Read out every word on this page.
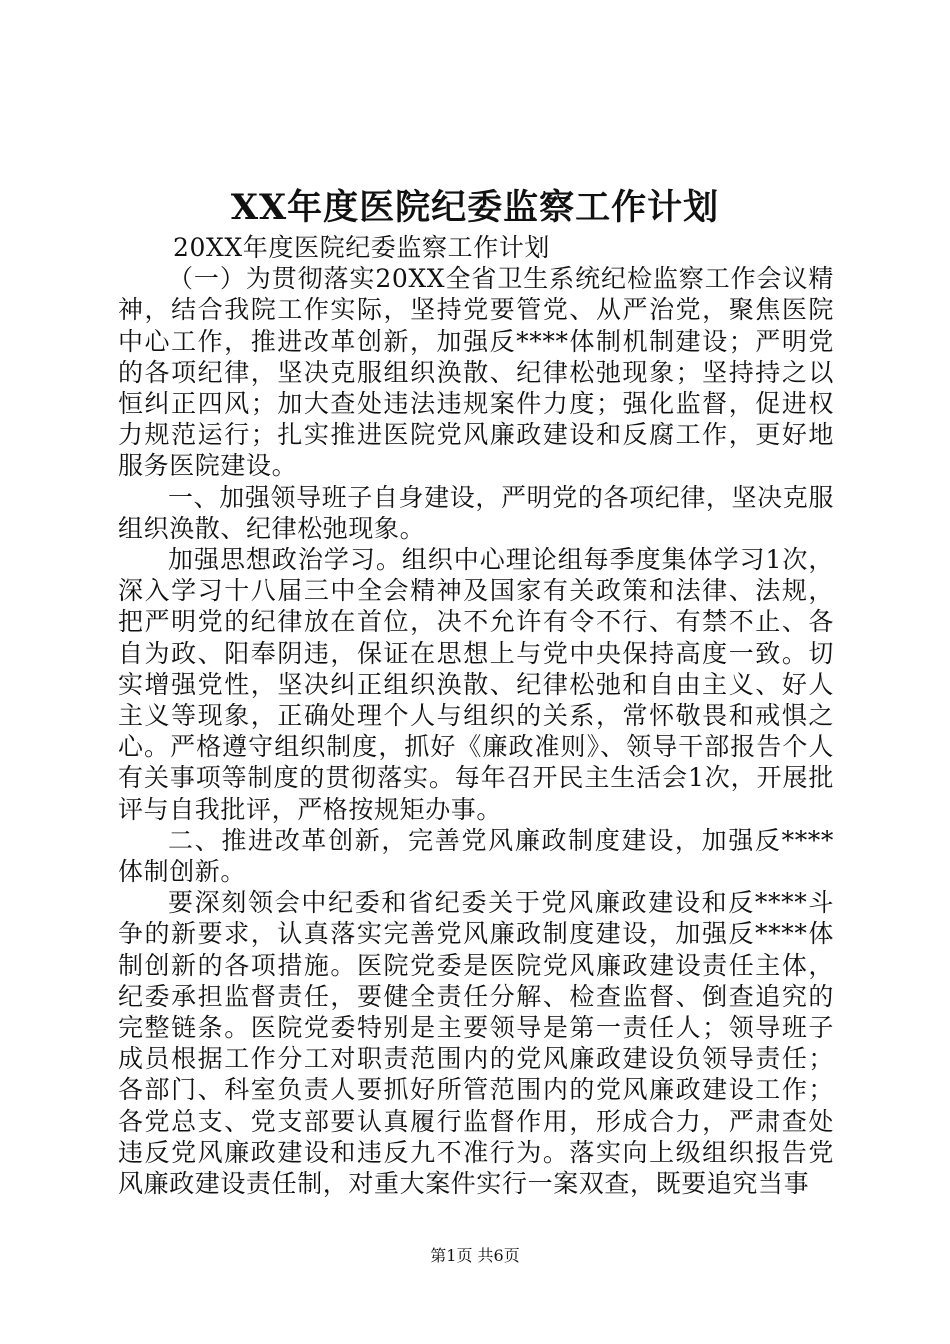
XX年度医院纪委监察工作计划

20XX年度医院纪委监察工作计划

（一）为贯彻落实20XX全省卫生系统纪检监察工作会议精神，结合我院工作实际，坚持党要管党、从严治党，聚焦医院中心工作，推进改革创新，加强反****体制机制建设；严明党的各项纪律，坚决克服组织涣散、纪律松弛现象；坚持持之以恒纠正四风；加大查处违法违规案件力度；强化监督，促进权力规范运行；扎实推进医院党风廉政建设和反腐工作，更好地服务医院建设。

一、加强领导班子自身建设，严明党的各项纪律，坚决克服组织涣散、纪律松弛现象。

加强思想政治学习。组织中心理论组每季度集体学习1次，深入学习十八届三中全会精神及国家有关政策和法律、法规，把严明党的纪律放在首位，决不允许有令不行、有禁不止、各自为政、阳奉阴违，保证在思想上与党中央保持高度一致。切实增强党性，坚决纠正组织涣散、纪律松弛和自由主义、好人主义等现象，正确处理个人与组织的关系，常怀敬畏和戒惧之心。严格遵守组织制度，抓好《廉政准则》、领导干部报告个人有关事项等制度的贯彻落实。每年召开民主生活会1次，开展批评与自我批评，严格按规矩办事。

二、推进改革创新，完善党风廉政制度建设，加强反****体制创新。

要深刻领会中纪委和省纪委关于党风廉政建设和反****斗争的新要求，认真落实完善党风廉政制度建设，加强反****体制创新的各项措施。医院党委是医院党风廉政建设责任主体，纪委承担监督责任，要健全责任分解、检查监督、倒查追究的完整链条。医院党委特别是主要领导是第一责任人；领导班子成员根据工作分工对职责范围内的党风廉政建设负领导责任；各部门、科室负责人要抓好所管范围内的党风廉政建设工作；各党总支、党支部要认真履行监督作用，形成合力，严肃查处违反党风廉政建设和违反九不准行为。落实向上级组织报告党风廉政建设责任制，对重大案件实行一案双查，既要追究当事

第1页 共6页
